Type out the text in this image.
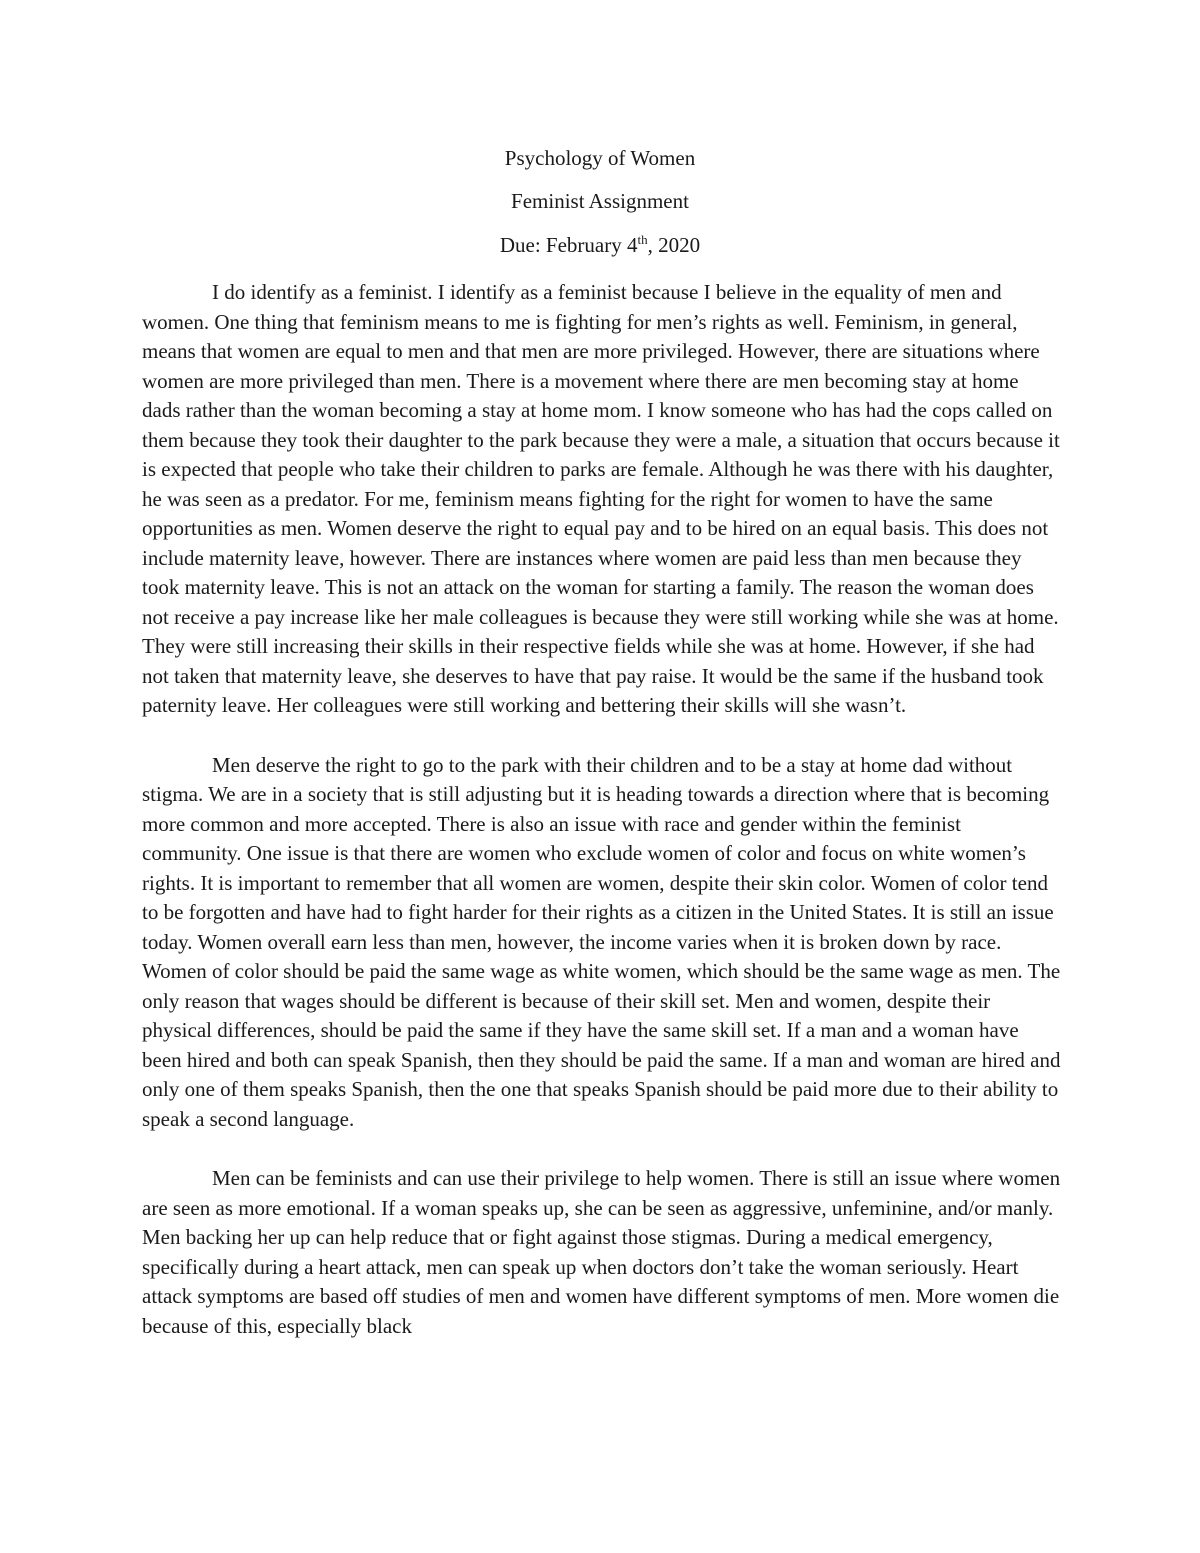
Psychology of Women
Feminist Assignment
Due: February 4th, 2020

I do identify as a feminist. I identify as a feminist because I believe in the equality of men and women. One thing that feminism means to me is fighting for men’s rights as well. Feminism, in general, means that women are equal to men and that men are more privileged. However, there are situations where women are more privileged than men. There is a movement where there are men becoming stay at home dads rather than the woman becoming a stay at home mom. I know someone who has had the cops called on them because they took their daughter to the park because they were a male, a situation that occurs because it is expected that people who take their children to parks are female. Although he was there with his daughter, he was seen as a predator. For me, feminism means fighting for the right for women to have the same opportunities as men. Women deserve the right to equal pay and to be hired on an equal basis. This does not include maternity leave, however. There are instances where women are paid less than men because they took maternity leave. This is not an attack on the woman for starting a family. The reason the woman does not receive a pay increase like her male colleagues is because they were still working while she was at home. They were still increasing their skills in their respective fields while she was at home. However, if she had not taken that maternity leave, she deserves to have that pay raise. It would be the same if the husband took paternity leave. Her colleagues were still working and bettering their skills will she wasn’t.

Men deserve the right to go to the park with their children and to be a stay at home dad without stigma. We are in a society that is still adjusting but it is heading towards a direction where that is becoming more common and more accepted. There is also an issue with race and gender within the feminist community. One issue is that there are women who exclude women of color and focus on white women’s rights. It is important to remember that all women are women, despite their skin color. Women of color tend to be forgotten and have had to fight harder for their rights as a citizen in the United States. It is still an issue today. Women overall earn less than men, however, the income varies when it is broken down by race. Women of color should be paid the same wage as white women, which should be the same wage as men. The only reason that wages should be different is because of their skill set. Men and women, despite their physical differences, should be paid the same if they have the same skill set. If a man and a woman have been hired and both can speak Spanish, then they should be paid the same. If a man and woman are hired and only one of them speaks Spanish, then the one that speaks Spanish should be paid more due to their ability to speak a second language.

Men can be feminists and can use their privilege to help women. There is still an issue where women are seen as more emotional. If a woman speaks up, she can be seen as aggressive, unfeminine, and/or manly. Men backing her up can help reduce that or fight against those stigmas. During a medical emergency, specifically during a heart attack, men can speak up when doctors don’t take the woman seriously. Heart attack symptoms are based off studies of men and women have different symptoms of men. More women die because of this, especially black
